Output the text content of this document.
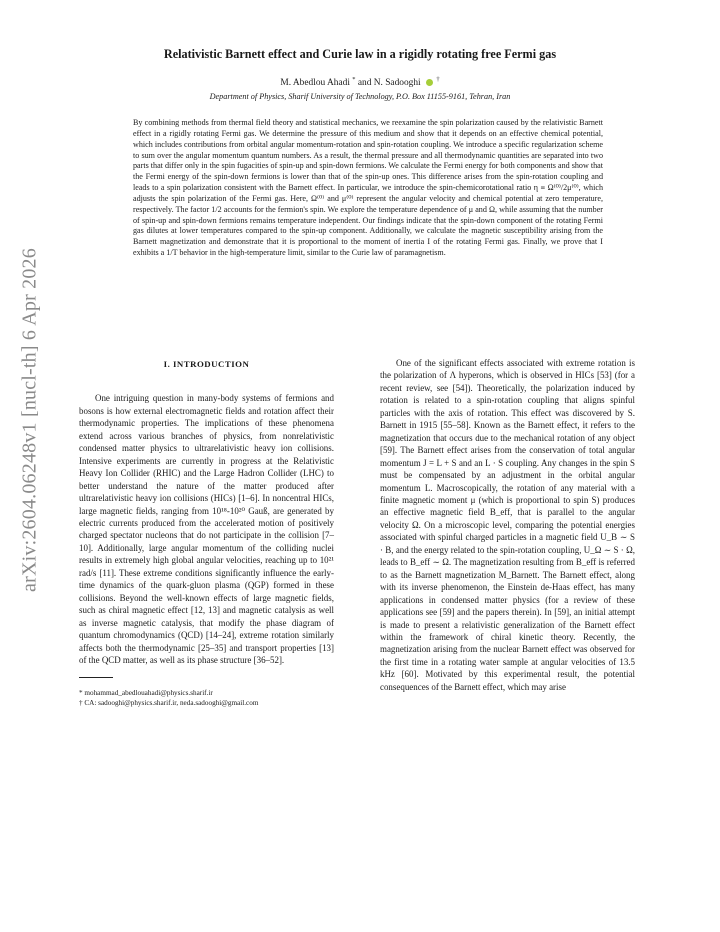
arXiv:2604.06248v1 [nucl-th] 6 Apr 2026
Relativistic Barnett effect and Curie law in a rigidly rotating free Fermi gas
M. Abedlou Ahadi * and N. Sadooghi †
Department of Physics, Sharif University of Technology, P.O. Box 11155-9161, Tehran, Iran
By combining methods from thermal field theory and statistical mechanics, we reexamine the spin polarization caused by the relativistic Barnett effect in a rigidly rotating Fermi gas. We determine the pressure of this medium and show that it depends on an effective chemical potential, which includes contributions from orbital angular momentum-rotation and spin-rotation coupling. We introduce a specific regularization scheme to sum over the angular momentum quantum numbers. As a result, the thermal pressure and all thermodynamic quantities are separated into two parts that differ only in the spin fugacities of spin-up and spin-down fermions. We calculate the Fermi energy for both components and show that the Fermi energy of the spin-down fermions is lower than that of the spin-up ones. This difference arises from the spin-rotation coupling and leads to a spin polarization consistent with the Barnett effect. In particular, we introduce the spin-chemicorotational ratio η ≡ Ω⁽⁰⁾/2μ⁽⁰⁾, which adjusts the spin polarization of the Fermi gas. Here, Ω⁽⁰⁾ and μ⁽⁰⁾ represent the angular velocity and chemical potential at zero temperature, respectively. The factor 1/2 accounts for the fermion's spin. We explore the temperature dependence of μ and Ω, while assuming that the number of spin-up and spin-down fermions remains temperature independent. Our findings indicate that the spin-down component of the rotating Fermi gas dilutes at lower temperatures compared to the spin-up component. Additionally, we calculate the magnetic susceptibility arising from the Barnett magnetization and demonstrate that it is proportional to the moment of inertia I of the rotating Fermi gas. Finally, we prove that I exhibits a 1/T behavior in the high-temperature limit, similar to the Curie law of paramagnetism.
I. INTRODUCTION

One intriguing question in many-body systems of fermions and bosons is how external electromagnetic fields and rotation affect their thermodynamic properties. The implications of these phenomena extend across various branches of physics, from nonrelativistic condensed matter physics to ultrarelativistic heavy ion collisions. Intensive experiments are currently in progress at the Relativistic Heavy Ion Collider (RHIC) and the Large Hadron Collider (LHC) to better understand the nature of the matter produced after ultrarelativistic heavy ion collisions (HICs) [1–6]. In noncentral HICs, large magnetic fields, ranging from 10¹⁸-10²⁰ Gauß, are generated by electric currents produced from the accelerated motion of positively charged spectator nucleons that do not participate in the collision [7–10]. Additionally, large angular momentum of the colliding nuclei results in extremely high global angular velocities, reaching up to 10²¹ rad/s [11]. These extreme conditions significantly influence the early-time dynamics of the quark-gluon plasma (QGP) formed in these collisions. Beyond the well-known effects of large magnetic fields, such as chiral magnetic effect [12, 13] and magnetic catalysis as well as inverse magnetic catalysis, that modify the phase diagram of quantum chromodynamics (QCD) [14–24], extreme rotation similarly affects both the thermodynamic [25–35] and transport properties [13] of the QCD matter, as well as its phase structure [36–52].

* mohammad_abedlouahadi@physics.sharif.ir
† CA: sadooghi@physics.sharif.ir, neda.sadooghi@gmail.com

One of the significant effects associated with extreme rotation is the polarization of Λ hyperons, which is observed in HICs [53] (for a recent review, see [54]). Theoretically, the polarization induced by rotation is related to a spin-rotation coupling that aligns spinful particles with the axis of rotation. This effect was discovered by S. Barnett in 1915 [55–58]. Known as the Barnett effect, it refers to the magnetization that occurs due to the mechanical rotation of any object [59]. The Barnett effect arises from the conservation of total angular momentum J = L + S and an L · S coupling. Any changes in the spin S must be compensated by an adjustment in the orbital angular momentum L. Macroscopically, the rotation of any material with a finite magnetic moment μ (which is proportional to spin S) produces an effective magnetic field B_eff, that is parallel to the angular velocity Ω. On a microscopic level, comparing the potential energies associated with spinful charged particles in a magnetic field U_B ∼ S · B, and the energy related to the spin-rotation coupling, U_Ω ∼ S · Ω, leads to B_eff ∼ Ω. The magnetization resulting from B_eff is referred to as the Barnett magnetization M_Barnett. The Barnett effect, along with its inverse phenomenon, the Einstein de-Haas effect, has many applications in condensed matter physics (for a review of these applications see [59] and the papers therein). In [59], an initial attempt is made to present a relativistic generalization of the Barnett effect within the framework of chiral kinetic theory. Recently, the magnetization arising from the nuclear Barnett effect was observed for the first time in a rotating water sample at angular velocities of 13.5 kHz [60]. Motivated by this experimental result, the potential consequences of the Barnett effect, which may arise
